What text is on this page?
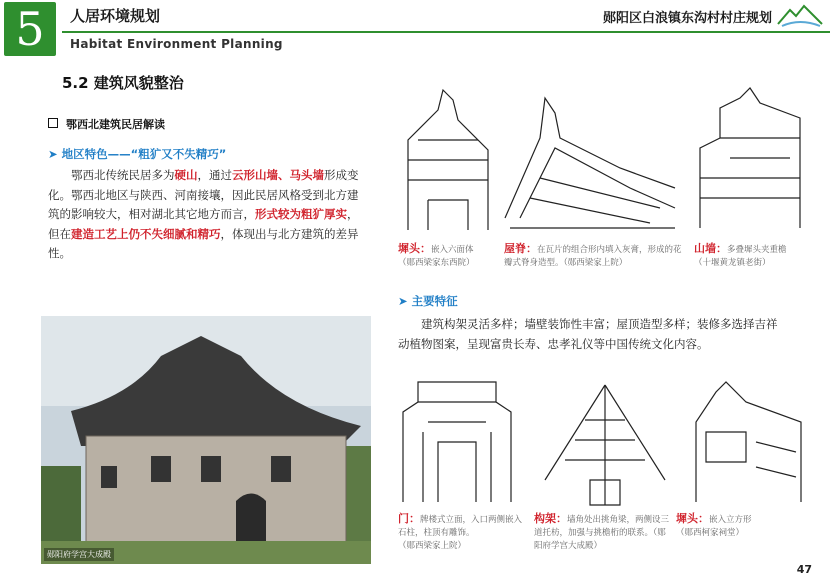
5	人居环境规划
Habitat Environment Planning
郧阳区白浪镇东沟村村庄规划
5.2 建筑风貌整治
鄂西北建筑民居解读
➤ 地区特色——“粗犷又不失精巧”
鄂西北传统民居多为硬山，通过云形山墙、马头墙形成变化。鄂西北地区与陕西、河南接壤，因此民居风格受到北方建筑的影响较大，相对湖北其它地方而言，形式较为粗犷厚实，但在建造工艺上仍不失细腻和精巧，体现出与北方建筑的差异性。
郧阳府学宫大成殿
墀头：嵌入六面体
（郧西梁家东西院）
屋脊：在瓦片的组合形内填入灰膏，形成的花瓣式脊身造型。（郧西梁家上院）
山墙：多叠墀头夹重檐
（十堰黄龙镇老街）
➤ 主要特征
建筑构架灵活多样；墙壁装饰性丰富；屋顶造型多样；装修多选择吉祥动植物图案，呈现富贵长寿、忠孝礼仪等中国传统文化内容。
门：牌楼式立面，入口两侧嵌入石柱，柱顶有雕饰。
（郧西梁家上院）
构架：墙角处出挑角梁，两侧设三道托枋，加强与挑檐桁的联系。（郧阳府学宫大成殿）
墀头：嵌入立方形
（郧西柯家祠堂）
47
